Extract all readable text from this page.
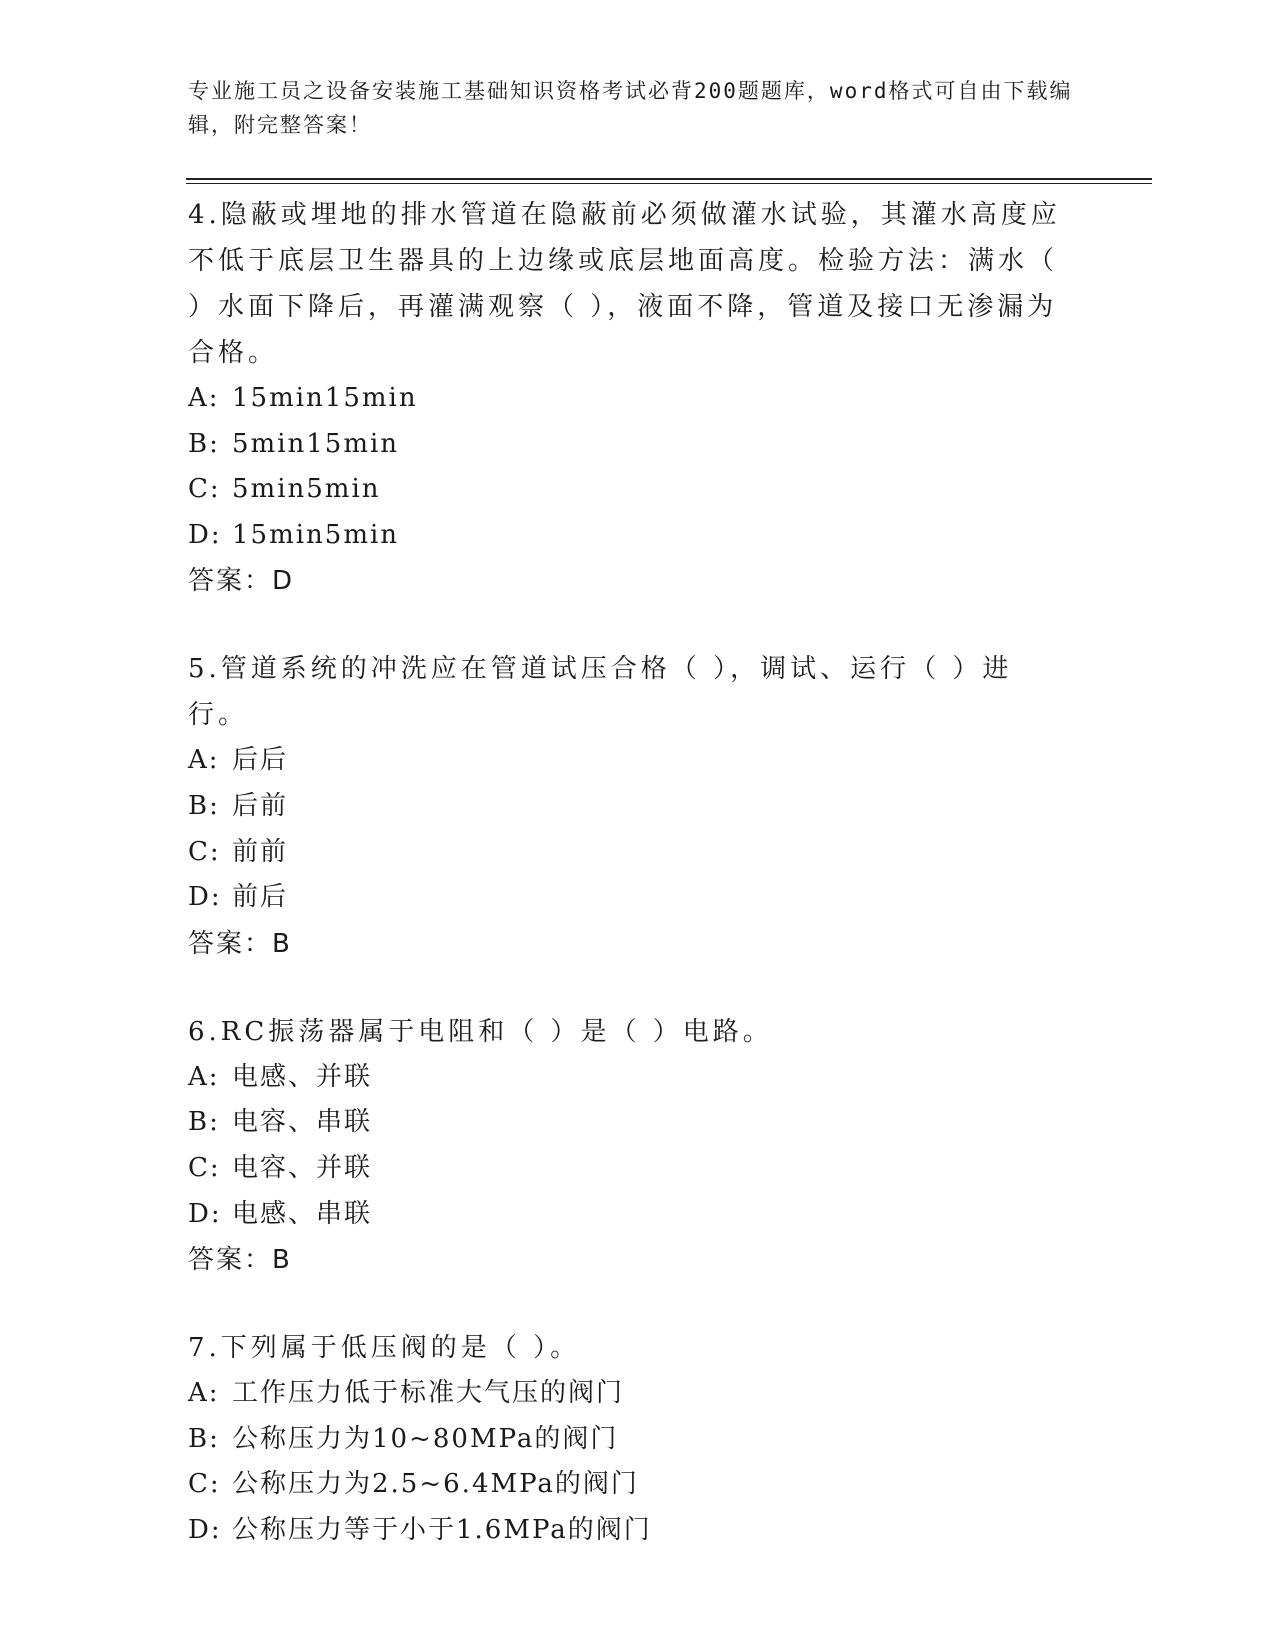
专业施工员之设备安装施工基础知识资格考试必背200题题库，word格式可自由下载编辑，附完整答案！

4.隐蔽或埋地的排水管道在隐蔽前必须做灌水试验，其灌水高度应不低于底层卫生器具的上边缘或底层地面高度。检验方法：满水（ ）水面下降后，再灌满观察（ ），液面不降，管道及接口无渗漏为合格。

A: 15min15min

B: 5min15min

C: 5min5min

D: 15min5min

答案：D

5.管道系统的冲洗应在管道试压合格（ ），调试、运行（ ）进行。

A: 后后

B: 后前

C: 前前

D: 前后

答案：B

6.RC振荡器属于电阻和（ ）是（ ）电路。

A: 电感、并联

B: 电容、串联

C: 电容、并联

D: 电感、串联

答案：B

7.下列属于低压阀的是（ ）。

A: 工作压力低于标准大气压的阀门

B: 公称压力为10~80MPa的阀门

C: 公称压力为2.5~6.4MPa的阀门

D: 公称压力等于小于1.6MPa的阀门
